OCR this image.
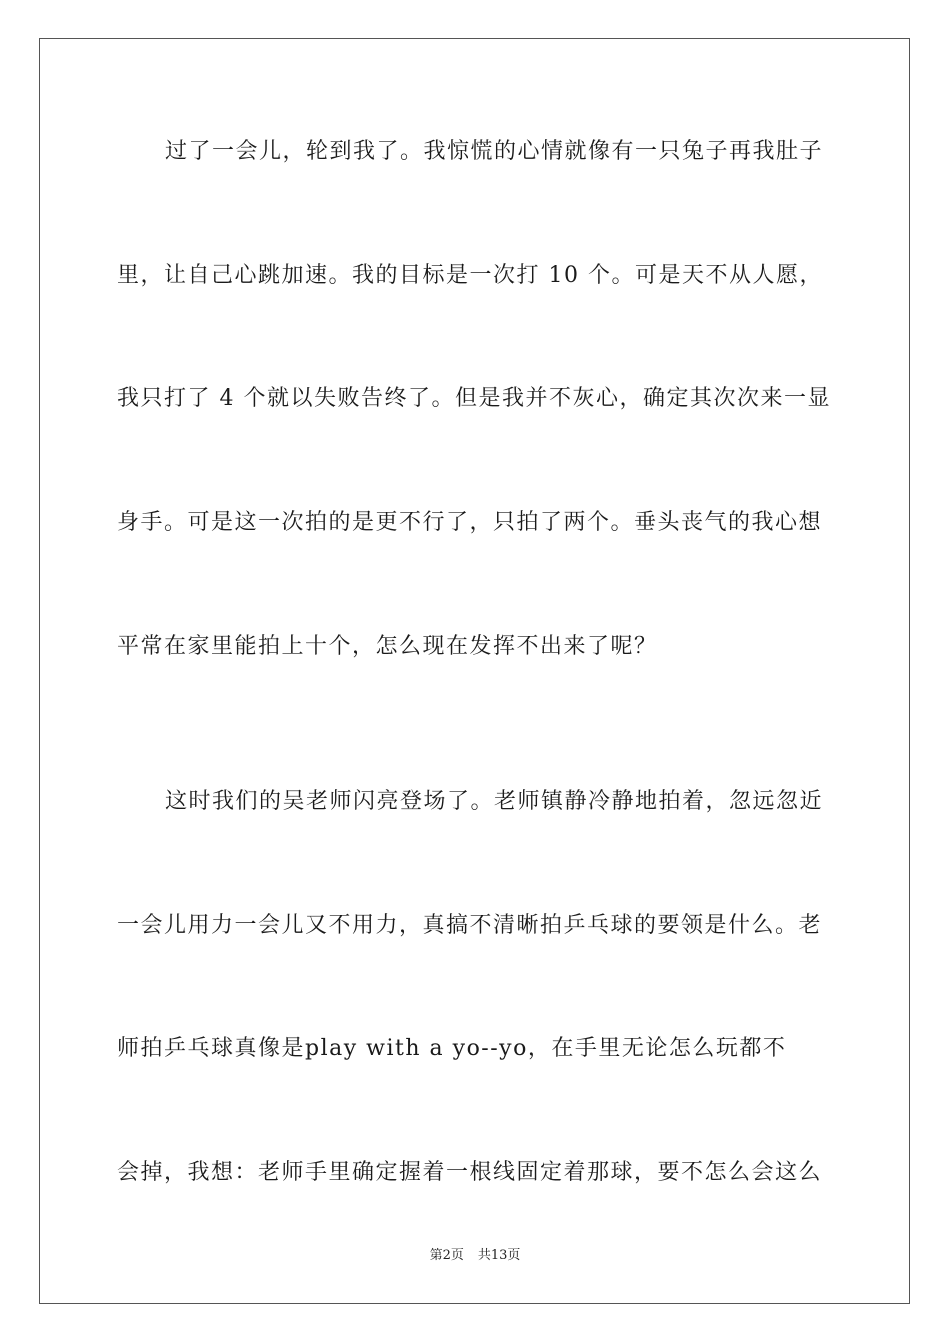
过了一会儿，轮到我了。我惊慌的心情就像有一只兔子再我肚子
里，让自己心跳加速。我的目标是一次打 10 个。可是天不从人愿，
我只打了 4 个就以失败告终了。但是我并不灰心，确定其次次来一显
身手。可是这一次拍的是更不行了，只拍了两个。垂头丧气的我心想
平常在家里能拍上十个，怎么现在发挥不出来了呢？
这时我们的吴老师闪亮登场了。老师镇静冷静地拍着，忽远忽近
一会儿用力一会儿又不用力，真搞不清晰拍乒乓球的要领是什么。老
师拍乒乓球真像是play with a yo--yo，在手里无论怎么玩都不
会掉，我想：老师手里确定握着一根线固定着那球，要不怎么会这么
第2页 共13页
